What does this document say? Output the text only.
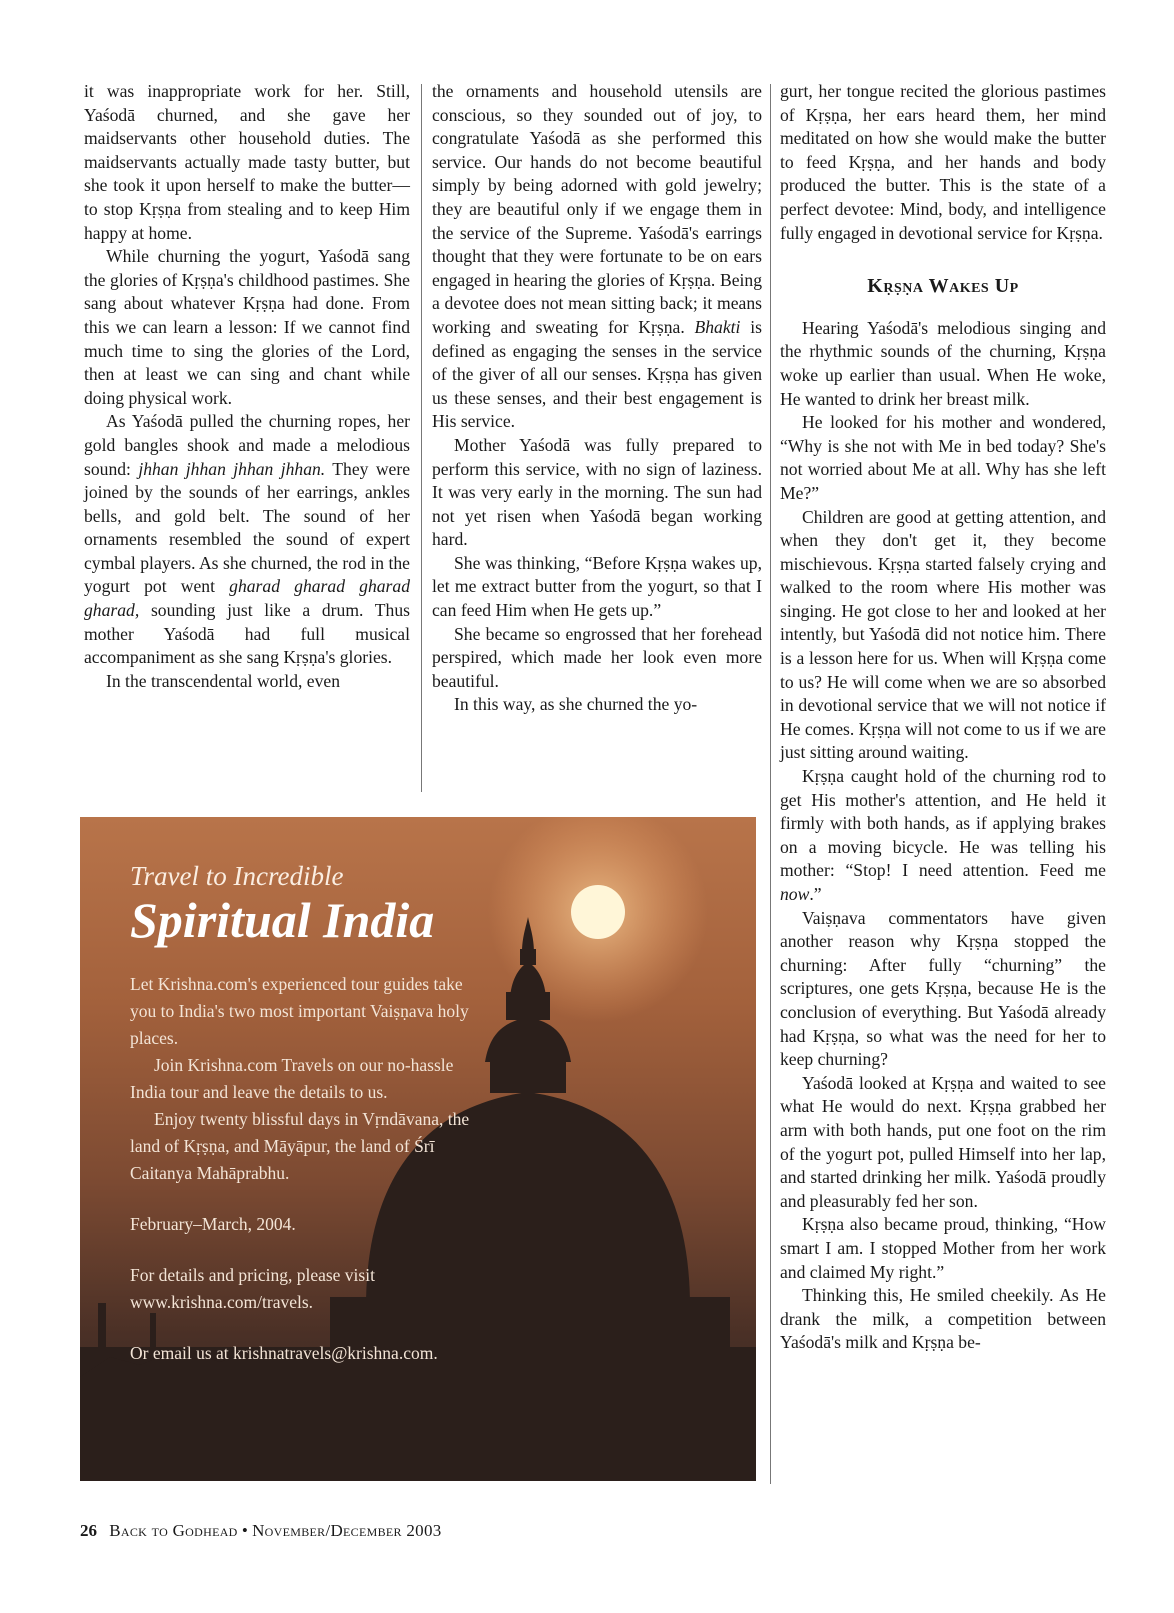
it was inappropriate work for her. Still, Yaśodā churned, and she gave her maidservants other household duties. The maidservants actually made tasty butter, but she took it upon herself to make the butter—to stop Kṛṣṇa from stealing and to keep Him happy at home.

While churning the yogurt, Yaśodā sang the glories of Kṛṣṇa's childhood pastimes. She sang about whatever Kṛṣṇa had done. From this we can learn a lesson: If we cannot find much time to sing the glories of the Lord, then at least we can sing and chant while doing physical work.

As Yaśodā pulled the churning ropes, her gold bangles shook and made a melodious sound: jhhan jhhan jhhan jhhan. They were joined by the sounds of her earrings, ankles bells, and gold belt. The sound of her ornaments resembled the sound of expert cymbal players. As she churned, the rod in the yogurt pot went gharad gharad gharad gharad, sounding just like a drum. Thus mother Yaśodā had full musical accompaniment as she sang Kṛṣṇa's glories.

In the transcendental world, even

the ornaments and household utensils are conscious, so they sounded out of joy, to congratulate Yaśodā as she performed this service. Our hands do not become beautiful simply by being adorned with gold jewelry; they are beautiful only if we engage them in the service of the Supreme. Yaśodā's earrings thought that they were fortunate to be on ears engaged in hearing the glories of Kṛṣṇa. Being a devotee does not mean sitting back; it means working and sweating for Kṛṣṇa. Bhakti is defined as engaging the senses in the service of the giver of all our senses. Kṛṣṇa has given us these senses, and their best engagement is His service.

Mother Yaśodā was fully prepared to perform this service, with no sign of laziness. It was very early in the morning. The sun had not yet risen when Yaśodā began working hard.

She was thinking, “Before Kṛṣṇa wakes up, let me extract butter from the yogurt, so that I can feed Him when He gets up.”

She became so engrossed that her forehead perspired, which made her look even more beautiful.

In this way, as she churned the yo-

gurt, her tongue recited the glorious pastimes of Kṛṣṇa, her ears heard them, her mind meditated on how she would make the butter to feed Kṛṣṇa, and her hands and body produced the butter. This is the state of a perfect devotee: Mind, body, and intelligence fully engaged in devotional service for Kṛṣṇa.

Kṛṣṇa Wakes Up

Hearing Yaśodā's melodious singing and the rhythmic sounds of the churning, Kṛṣṇa woke up earlier than usual. When He woke, He wanted to drink her breast milk.

He looked for his mother and wondered, “Why is she not with Me in bed today? She's not worried about Me at all. Why has she left Me?”

Children are good at getting attention, and when they don't get it, they become mischievous. Kṛṣṇa started falsely crying and walked to the room where His mother was singing. He got close to her and looked at her intently, but Yaśodā did not notice him. There is a lesson here for us. When will Kṛṣṇa come to us? He will come when we are so absorbed in devotional service that we will not notice if He comes. Kṛṣṇa will not come to us if we are just sitting around waiting.

Kṛṣṇa caught hold of the churning rod to get His mother's attention, and He held it firmly with both hands, as if applying brakes on a moving bicycle. He was telling his mother: “Stop! I need attention. Feed me now.”

Vaiṣṇava commentators have given another reason why Kṛṣṇa stopped the churning: After fully “churning” the scriptures, one gets Kṛṣṇa, because He is the conclusion of everything. But Yaśodā already had Kṛṣṇa, so what was the need for her to keep churning?

Yaśodā looked at Kṛṣṇa and waited to see what He would do next. Kṛṣṇa grabbed her arm with both hands, put one foot on the rim of the yogurt pot, pulled Himself into her lap, and started drinking her milk. Yaśodā proudly and pleasurably fed her son.

Kṛṣṇa also became proud, thinking, “How smart I am. I stopped Mother from her work and claimed My right.”

Thinking this, He smiled cheekily. As He drank the milk, a competition between Yaśodā's milk and Kṛṣṇa be-

Travel to Incredible
Spiritual India

Let Krishna.com's experienced tour guides take you to India's two most important Vaiṣṇava holy places.

Join Krishna.com Travels on our no-hassle India tour and leave the details to us.

Enjoy twenty blissful days in Vṛndāvana, the land of Kṛṣṇa, and Māyāpur, the land of Śrī Caitanya Mahāprabhu.

February–March, 2004.

For details and pricing, please visit www.krishna.com/travels.

Or email us at krishnatravels@krishna.com.

26 Back to Godhead • November/December 2003
